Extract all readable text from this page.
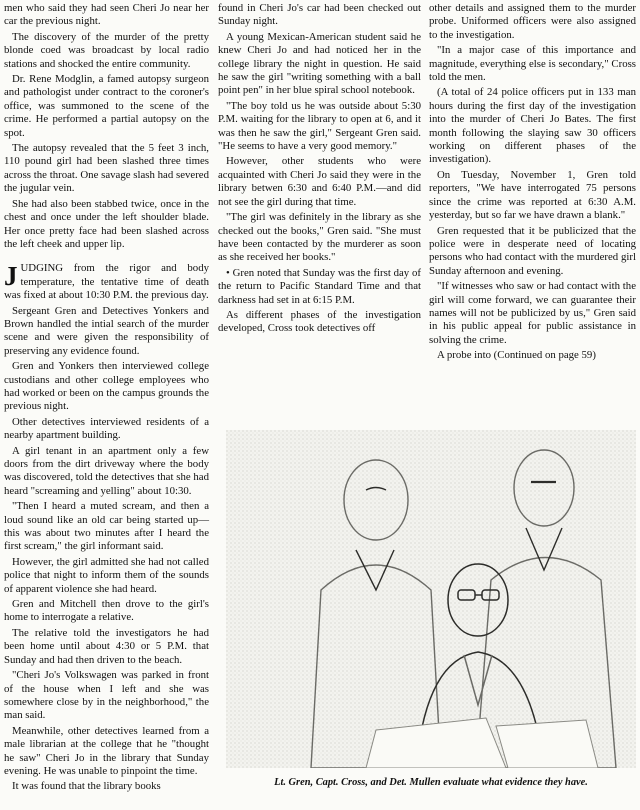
men who said they had seen Cheri Jo near her car the previous night.

The discovery of the murder of the pretty blonde coed was broadcast by local radio stations and shocked the entire community.

Dr. Rene Modglin, a famed autopsy surgeon and pathologist under contract to the coroner's office, was summoned to the scene of the crime. He performed a partial autopsy on the spot.

The autopsy revealed that the 5 feet 3 inch, 110 pound girl had been slashed three times across the throat. One savage slash had severed the jugular vein.

She had also been stabbed twice, once in the chest and once under the left shoulder blade. Her once pretty face had been slashed across the left cheek and upper lip.

JUDGING from the rigor and body temperature, the tentative time of death was fixed at about 10:30 P.M. the previous day.

Sergeant Gren and Detectives Yonkers and Brown handled the intial search of the murder scene and were given the responsibility of preserving any evidence found.

Gren and Yonkers then interviewed college custodians and other college employees who had worked or been on the campus grounds the previous night.

Other detectives interviewed residents of a nearby apartment building.

A girl tenant in an apartment only a few doors from the dirt driveway where the body was discovered, told the detectives that she had heard "screaming and yelling" about 10:30.

"Then I heard a muted scream, and then a loud sound like an old car being started up—this was about two minutes after I heard the first scream," the girl informant said.

However, the girl admitted she had not called police that night to inform them of the sounds of apparent violence she had heard.

Gren and Mitchell then drove to the girl's home to interrogate a relative.

The relative told the investigators he had been home until about 4:30 or 5 P.M. that Sunday and had then driven to the beach.

"Cheri Jo's Volkswagen was parked in front of the house when I left and she was somewhere close by in the neighborhood," the man said.

Meanwhile, other detectives learned from a male librarian at the college that he "thought he saw" Cheri Jo in the library that Sunday evening. He was unable to pinpoint the time.

It was found that the library books

found in Cheri Jo's car had been checked out Sunday night.

A young Mexican-American student said he knew Cheri Jo and had noticed her in the college library the night in question. He said he saw the girl "writing something with a ball point pen" in her blue spiral school notebook.

"The boy told us he was outside about 5:30 P.M. waiting for the library to open at 6, and it was then he saw the girl," Sergeant Gren said. "He seems to have a very good memory."

However, other students who were acquainted with Cheri Jo said they were in the library betwen 6:30 and 6:40 P.M.—and did not see the girl during that time.

"The girl was definitely in the library as she checked out the books," Gren said. "She must have been contacted by the murderer as soon as she received her books."

• Gren noted that Sunday was the first day of the return to Pacific Standard Time and that darkness had set in at 6:15 P.M.

As different phases of the investigation developed, Cross took detectives off

other details and assigned them to the murder probe. Uniformed officers were also assigned to the investigation.

"In a major case of this importance and magnitude, everything else is secondary," Cross told the men.

(A total of 24 police officers put in 133 man hours during the first day of the investigation into the murder of Cheri Jo Bates. The first month following the slaying saw 30 officers working on different phases of the investigation).

On Tuesday, November 1, Gren told reporters, "We have interrogated 75 persons since the crime was reported at 6:30 A.M. yesterday, but so far we have drawn a blank."

Gren requested that it be publicized that the police were in desperate need of locating persons who had contact with the murdered girl Sunday afternoon and evening.

"If witnesses who saw or had contact with the girl will come forward, we can guarantee their names will not be publicized by us," Gren said in his public appeal for public assistance in solving the crime.

A probe into (Continued on page 59)

Lt. Gren, Capt. Cross, and Det. Mullen evaluate what evidence they have.
